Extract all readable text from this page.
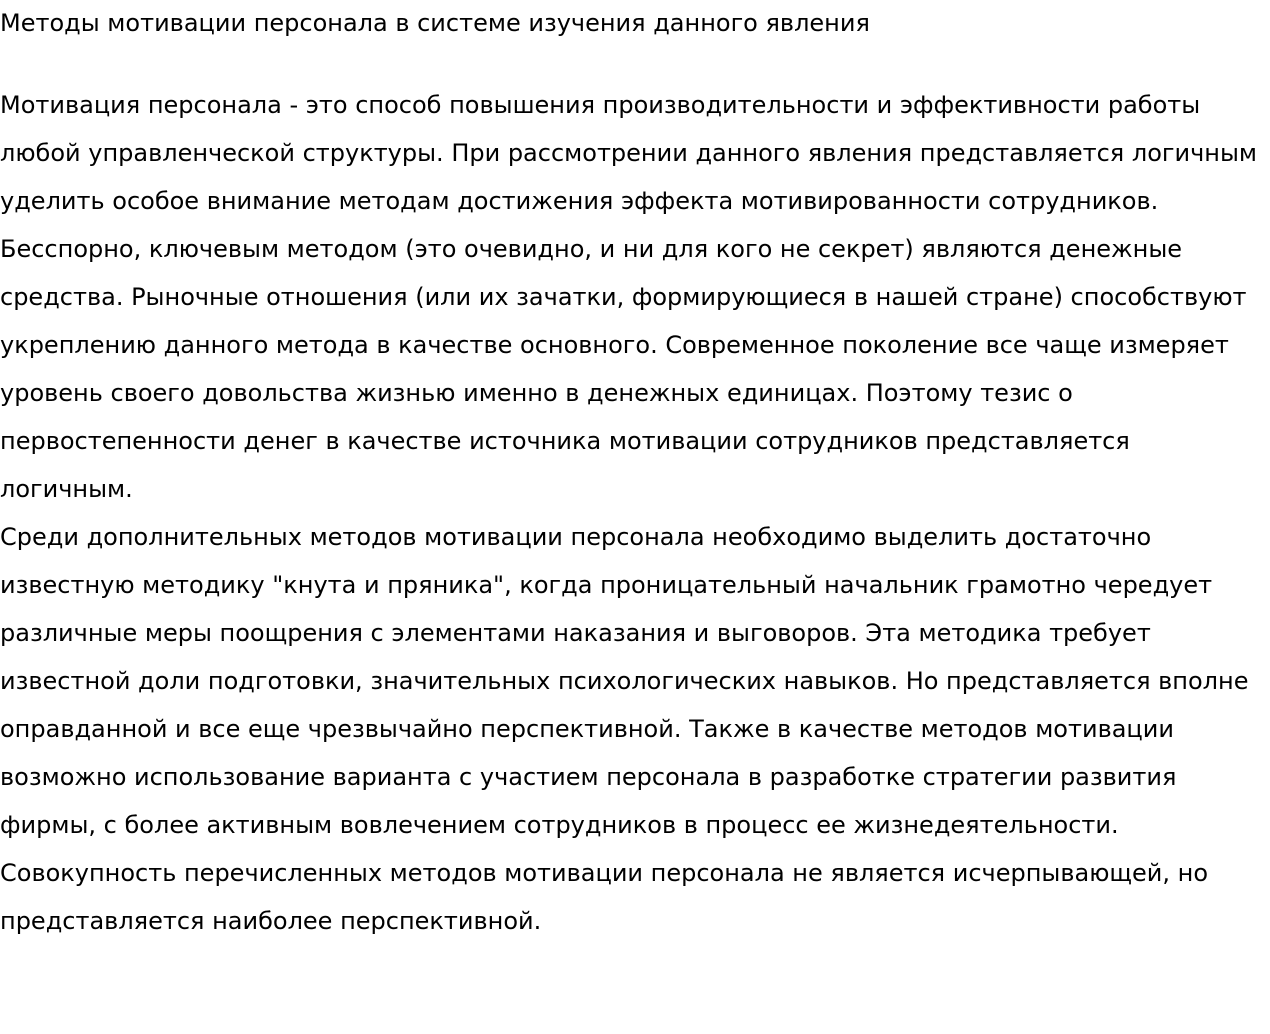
Методы мотивации персонала в системе изучения данного явления

Мотивация персонала - это способ повышения производительности и эффективности работы любой управленческой структуры. При рассмотрении данного явления представляется логичным уделить особое внимание методам достижения эффекта мотивированности сотрудников.

Бесспорно, ключевым методом (это очевидно, и ни для кого не секрет) являются денежные средства. Рыночные отношения (или их зачатки, формирующиеся в нашей стране) способствуют укреплению данного метода в качестве основного. Современное поколение все чаще измеряет уровень своего довольства жизнью именно в денежных единицах. Поэтому тезис о первостепенности денег в качестве источника мотивации сотрудников представляется логичным.

Среди дополнительных методов мотивации персонала необходимо выделить достаточно известную методику "кнута и пряника", когда проницательный начальник грамотно чередует различные меры поощрения с элементами наказания и выговоров. Эта методика требует известной доли подготовки, значительных психологических навыков. Но представляется вполне оправданной и все еще чрезвычайно перспективной. Также в качестве методов мотивации возможно использование варианта с участием персонала в разработке стратегии развития фирмы, с более активным вовлечением сотрудников в процесс ее жизнедеятельности.

Совокупность перечисленных методов мотивации персонала не является исчерпывающей, но представляется наиболее перспективной.
